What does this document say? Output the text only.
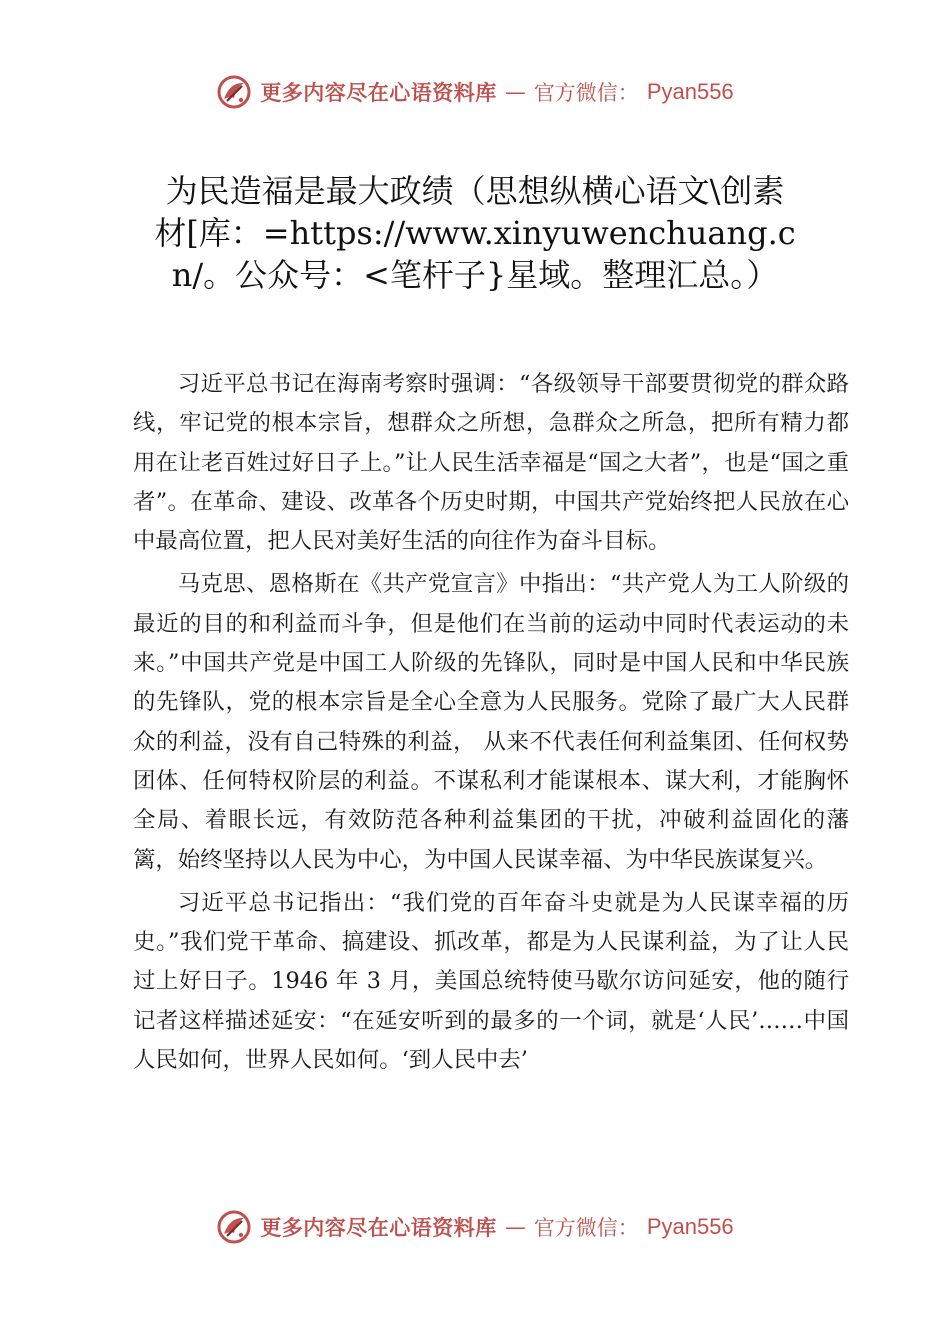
更多内容尽在心语资料库 — 官方微信： Pyan556
为民造福是最大政绩（思想纵横心语文\创素材[库：=https://www.xinyuwenchuang.cn/。公众号：<笔杆子}星域。整理汇总。）

习近平总书记在海南考察时强调：“各级领导干部要贯彻党的群众路线，牢记党的根本宗旨，想群众之所想，急群众之所急，把所有精力都用在让老百姓过好日子上。”让人民生活幸福是“国之大者”，也是“国之重者”。在革命、建设、改革各个历史时期，中国共产党始终把人民放在心中最高位置，把人民对美好生活的向往作为奋斗目标。

马克思、恩格斯在《共产党宣言》中指出：“共产党人为工人阶级的最近的目的和利益而斗争，但是他们在当前的运动中同时代表运动的未来。”中国共产党是中国工人阶级的先锋队，同时是中国人民和中华民族的先锋队，党的根本宗旨是全心全意为人民服务。党除了最广大人民群众的利益，没有自己特殊的利益， 从来不代表任何利益集团、任何权势团体、任何特权阶层的利益。不谋私利才能谋根本、谋大利，才能胸怀全局、着眼长远，有效防范各种利益集团的干扰，冲破利益固化的藩篱，始终坚持以人民为中心，为中国人民谋幸福、为中华民族谋复兴。

习近平总书记指出：“我们党的百年奋斗史就是为人民谋幸福的历史。”我们党干革命、搞建设、抓改革，都是为人民谋利益，为了让人民过上好日子。1946 年 3 月，美国总统特使马歇尔访问延安，他的随行记者这样描述延安：“在延安听到的最多的一个词，就是‘人民’……中国人民如何，世界人民如何。‘到人民中去’

更多内容尽在心语资料库 — 官方微信： Pyan556
